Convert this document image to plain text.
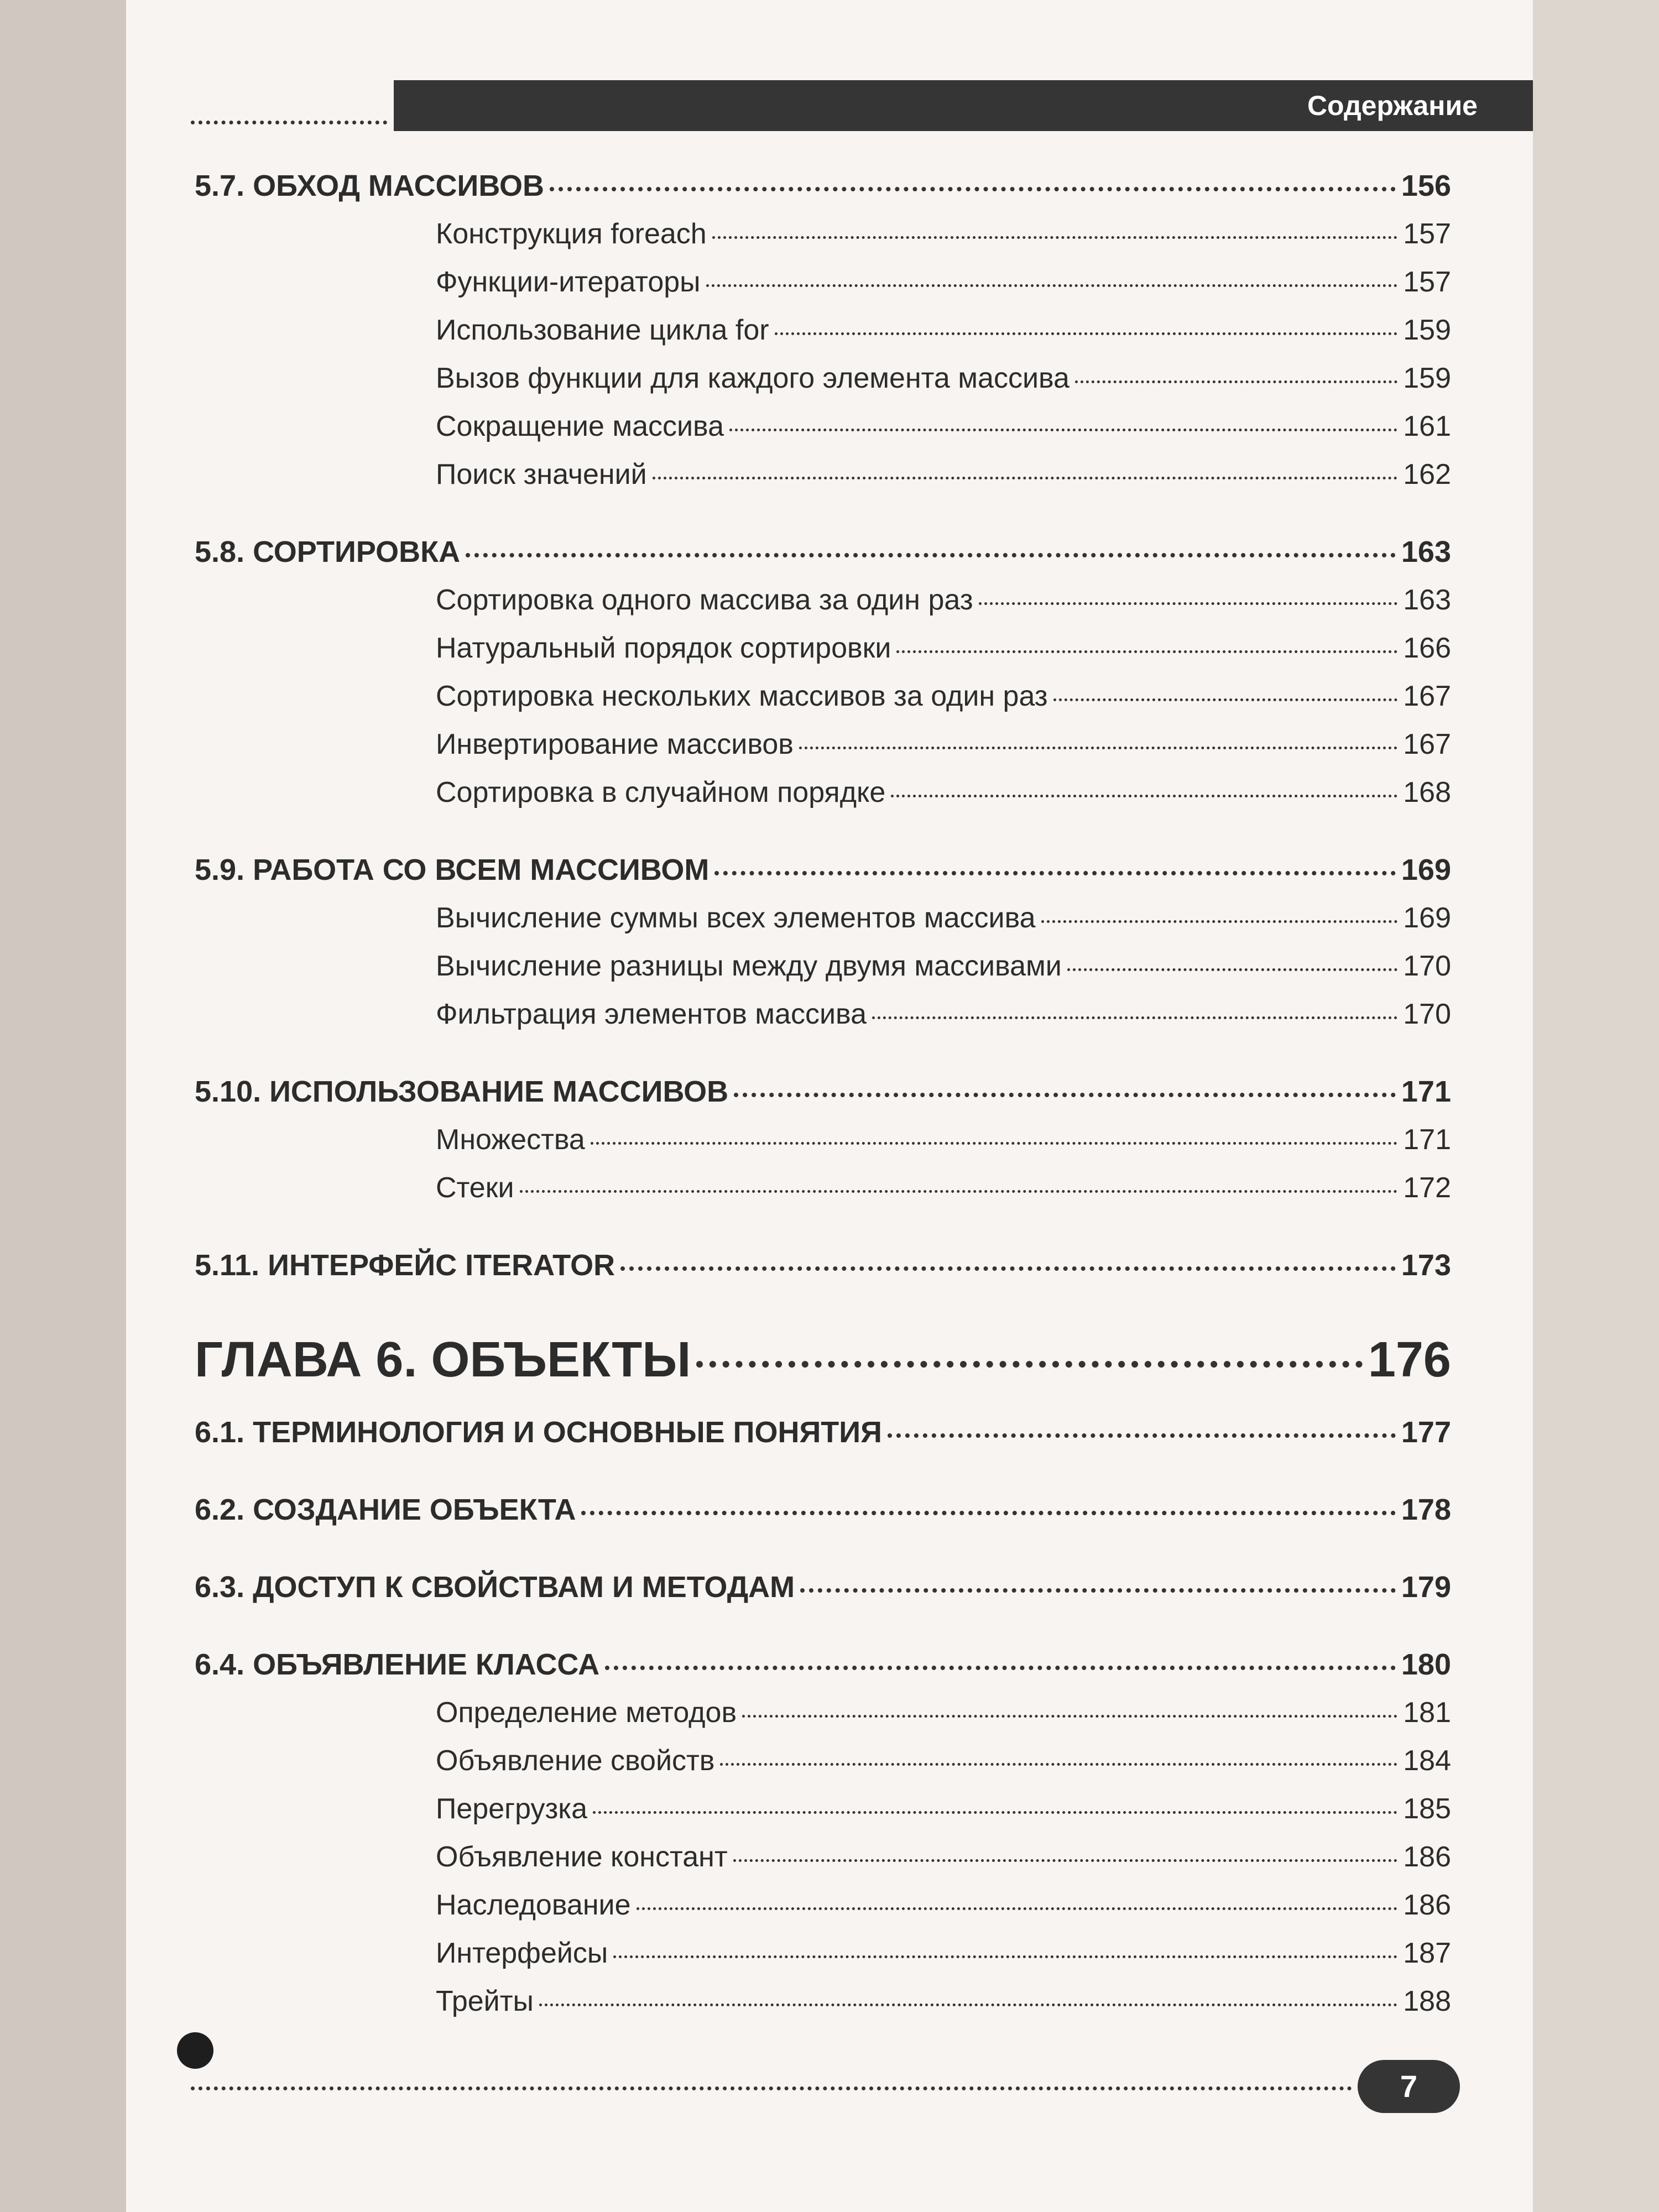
Содержание
5.7. ОБХОД МАССИВОВ	156
Конструкция foreach	157
Функции-итераторы	157
Использование цикла for	159
Вызов функции для каждого элемента массива	159
Сокращение массива	161
Поиск значений	162
5.8. СОРТИРОВКА	163
Сортировка одного массива за один раз	163
Натуральный порядок сортировки	166
Сортировка нескольких массивов за один раз	167
Инвертирование массивов	167
Сортировка в случайном порядке	168
5.9. РАБОТА СО ВСЕМ МАССИВОМ	169
Вычисление суммы всех элементов массива	169
Вычисление разницы между двумя массивами	170
Фильтрация элементов массива	170
5.10. ИСПОЛЬЗОВАНИЕ МАССИВОВ	171
Множества	171
Стеки	172
5.11. ИНТЕРФЕЙС ITERATOR	173
ГЛАВА 6. ОБЪЕКТЫ	176
6.1. ТЕРМИНОЛОГИЯ И ОСНОВНЫЕ ПОНЯТИЯ	177
6.2. СОЗДАНИЕ ОБЪЕКТА	178
6.3. ДОСТУП К СВОЙСТВАМ И МЕТОДАМ	179
6.4. ОБЪЯВЛЕНИЕ КЛАССА	180
Определение методов	181
Объявление свойств	184
Перегрузка	185
Объявление констант	186
Наследование	186
Интерфейсы	187
Трейты	188
7
